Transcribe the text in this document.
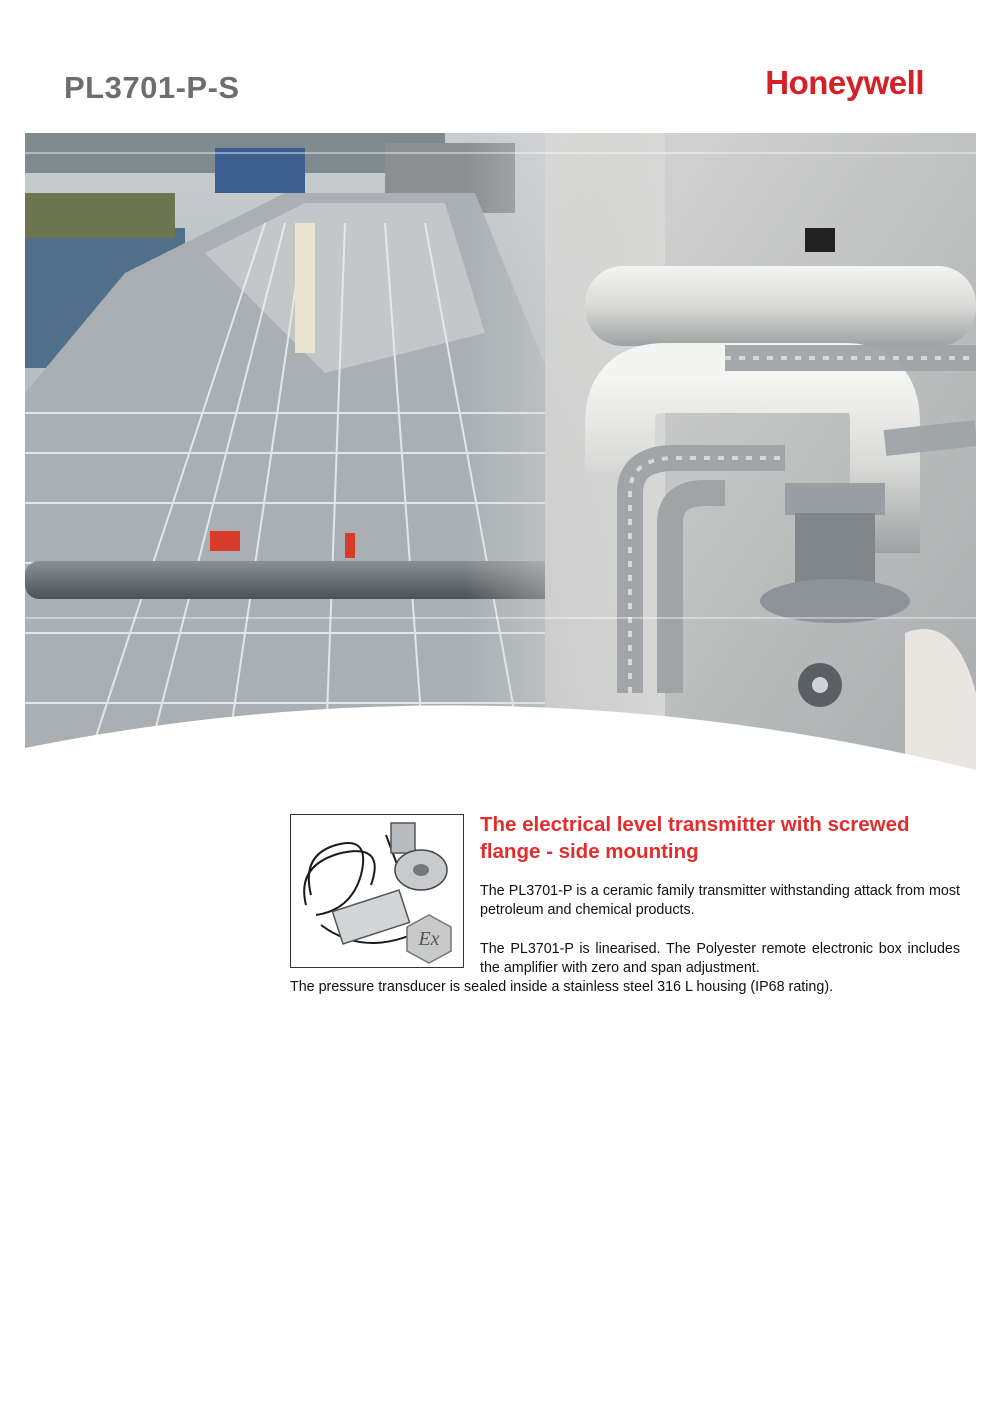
PL3701-P-S	Honeywell
Ex
The electrical level transmitter with screwed flange - side mounting
The PL3701-P is a ceramic family transmitter withstanding attack from most petroleum and chemical products.
The PL3701-P is linearised. The Polyester remote electronic box includes the amplifier with zero and span adjustment.
The pressure transducer is sealed inside a stainless steel 316 L housing (IP68 rating).
